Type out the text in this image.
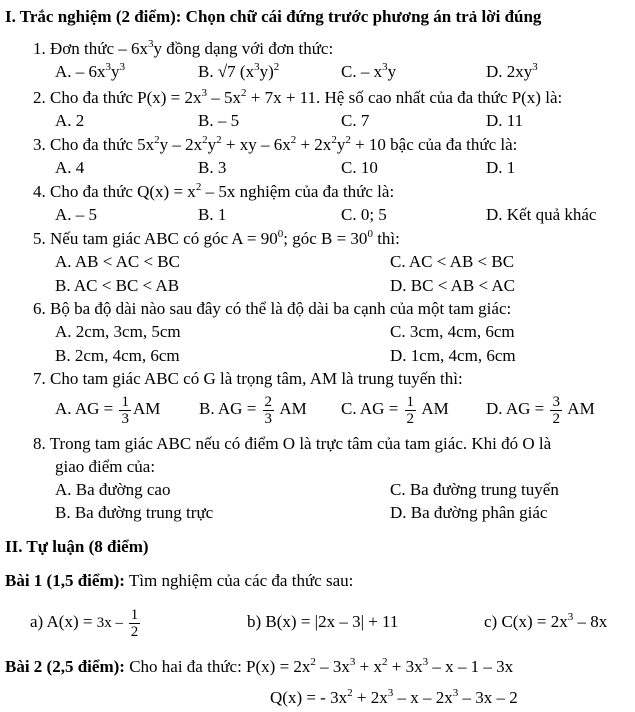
I. Trắc nghiệm (2 điểm): Chọn chữ cái đứng trước phương án trả lời đúng
1. Đơn thức – $6x^3y$ đồng dạng với đơn thức:
A. – $6x^3y^3$	B. √7 $(x^3y)^2$	C. – $x^3y$	D. $2xy^3$
2. Cho đa thức $P(x) = 2x^3 - 5x^2 + 7x + 11$. Hệ số cao nhất của đa thức P(x) là:
A. 2	B. – 5	C. 7	D. 11
3. Cho đa thức $5x^2y - 2x^2y^2$ + xy – $6x^2 + 2x^2y^2 + 10$ bậc của đa thức là:
A. 4	B. 3	C. 10	D. 1
4. Cho đa thức $Q(x) = x^2 - 5x$ nghiệm của đa thức là:
A. – 5	B. 1	C. 0; 5	D. Kết quả khác
5. Nếu tam giác ABC có góc $A = 90^0$; góc $B = 30^0$ thì:
A. AB < AC < BC	C. AC < AB < BC
B. AC < BC < AB	D. BC < AB < AC
6. Bộ ba độ dài nào sau đây có thể là độ dài ba cạnh của một tam giác:
A. 2cm, 3cm, 5cm	C. 3cm, 4cm, 6cm
B. 2cm, 4cm, 6cm	D. 1cm, 4cm, 6cm
7. Cho tam giác ABC có G là trọng tâm, AM là trung tuyến thì:
A. AG = $\frac{1}{3}$ AM B. AG = $\frac{2}{3}$ AM C. AG = $\frac{1}{2}$ AM D. AG = $\frac{3}{2}$ AM
8. Trong tam giác ABC nếu có điểm O là trực tâm của tam giác. Khi đó O là
giao điểm của:
A. Ba đường cao	C. Ba đường trung tuyến
B. Ba đường trung trực	D. Ba đường phân giác
II. Tự luận (8 điểm)
Bài 1 (1,5 điểm): Tìm nghiệm của các đa thức sau:
a) $A(x) = 3x - \frac{1}{2}$	b) B(x) = |2x – 3| + 11	c) $C(x) = 2x^3 - 8x$
Bài 2 (2,5 điểm): Cho hai đa thức: $P(x) = 2x^2 - 3x^3 + x^2 + 3x^3 - x - 1 - 3x$
Q(x) = - $3x^2 + 2x^3 - x - 2x^3 - 3x - 2$
